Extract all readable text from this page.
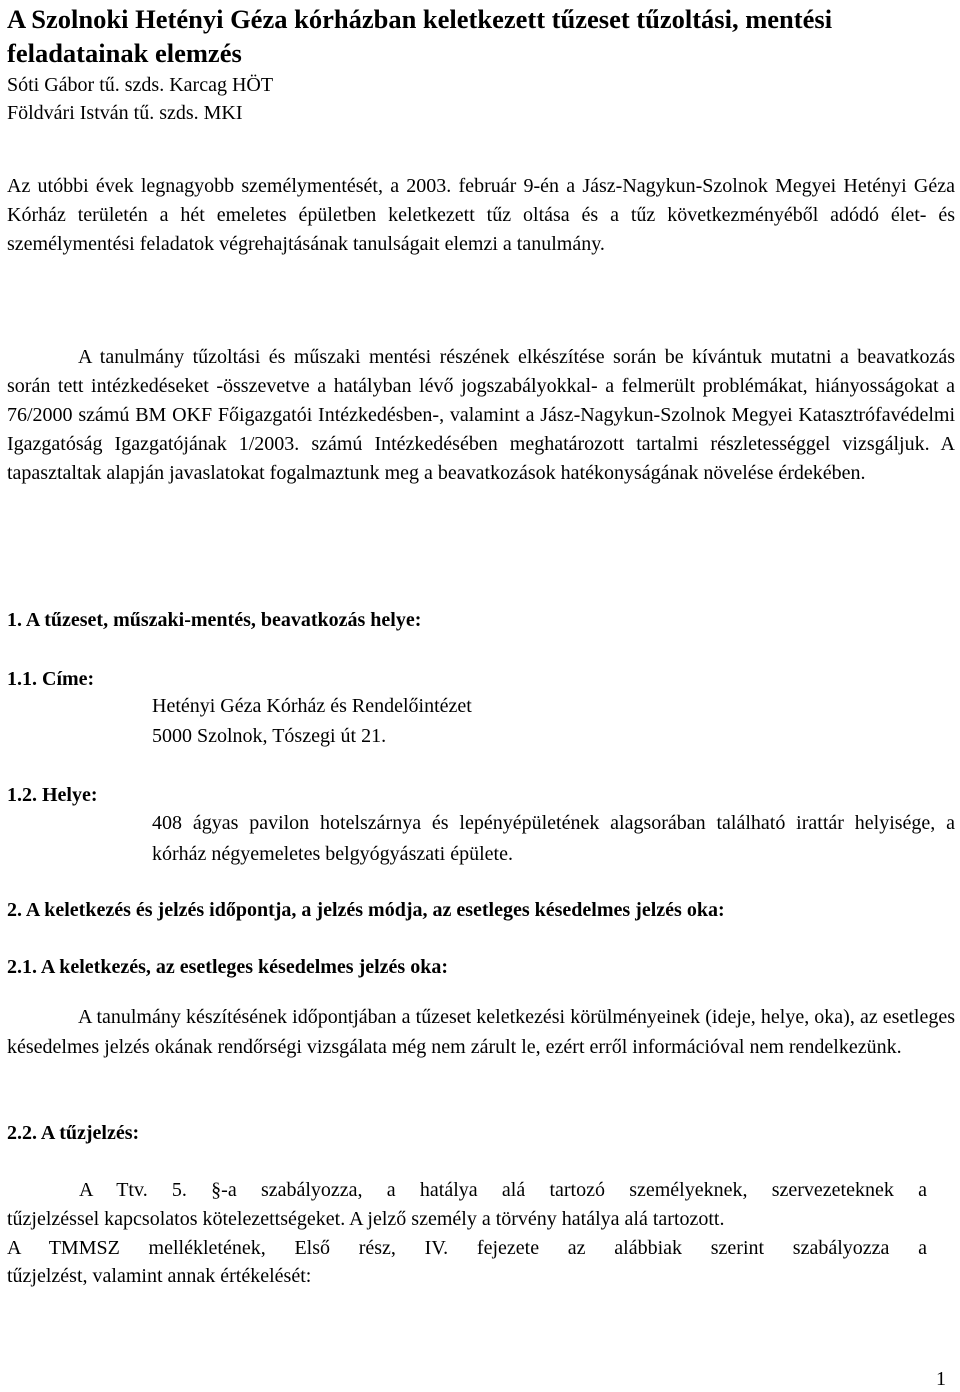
A Szolnoki Hetényi Géza kórházban keletkezett tűzeset tűzoltási, mentési feladatainak elemzés

Sóti Gábor tű. szds. Karcag HÖT

Földvári István tű. szds. MKI

Az utóbbi évek legnagyobb személymentését, a 2003. február 9-én a Jász-Nagykun-Szolnok Megyei Hetényi Géza Kórház területén a hét emeletes épületben keletkezett tűz oltása és a tűz következményéből adódó élet- és személymentési feladatok végrehajtásának tanulságait elemzi a tanulmány.

A tanulmány tűzoltási és műszaki mentési részének elkészítése során be kívántuk mutatni a beavatkozás során tett intézkedéseket -összevetve a hatályban lévő jogszabályokkal- a felmerült problémákat, hiányosságokat a 76/2000 számú BM OKF Főigazgatói Intézkedésben-, valamint a Jász-Nagykun-Szolnok Megyei Katasztrófavédelmi Igazgatóság Igazgatójának 1/2003. számú Intézkedésében meghatározott tartalmi részletességgel vizsgáljuk. A tapasztaltak alapján javaslatokat fogalmaztunk meg a beavatkozások hatékonyságának növelése érdekében.

1. A tűzeset, műszaki-mentés, beavatkozás helye:
1.1. Címe:

Hetényi Géza Kórház és Rendelőintézet

5000 Szolnok, Tószegi út 21.

1.2. Helye:

408 ágyas pavilon hotelszárnya és lepényépületének alagsorában található irattár helyisége, a kórház négyemeletes belgyógyászati épülete.

2. A keletkezés és jelzés időpontja, a jelzés módja, az esetleges késedelmes jelzés oka:
2.1. A keletkezés, az esetleges késedelmes jelzés oka:

A tanulmány készítésének időpontjában a tűzeset keletkezési körülményeinek (ideje, helye, oka), az esetleges késedelmes jelzés okának rendőrségi vizsgálata még nem zárult le, ezért erről információval nem rendelkezünk.

2.2. A tűzjelzés:

A Ttv. 5. §-a szabályozza, a hatálya alá tartozó személyeknek, szervezeteknek a

tűzjelzéssel kapcsolatos kötelezettségeket. A jelző személy a törvény hatálya alá tartozott.

A TMMSZ mellékletének, Első rész, IV. fejezete az alábbiak szerint szabályozza a

tűzjelzést, valamint annak értékelését:

1
